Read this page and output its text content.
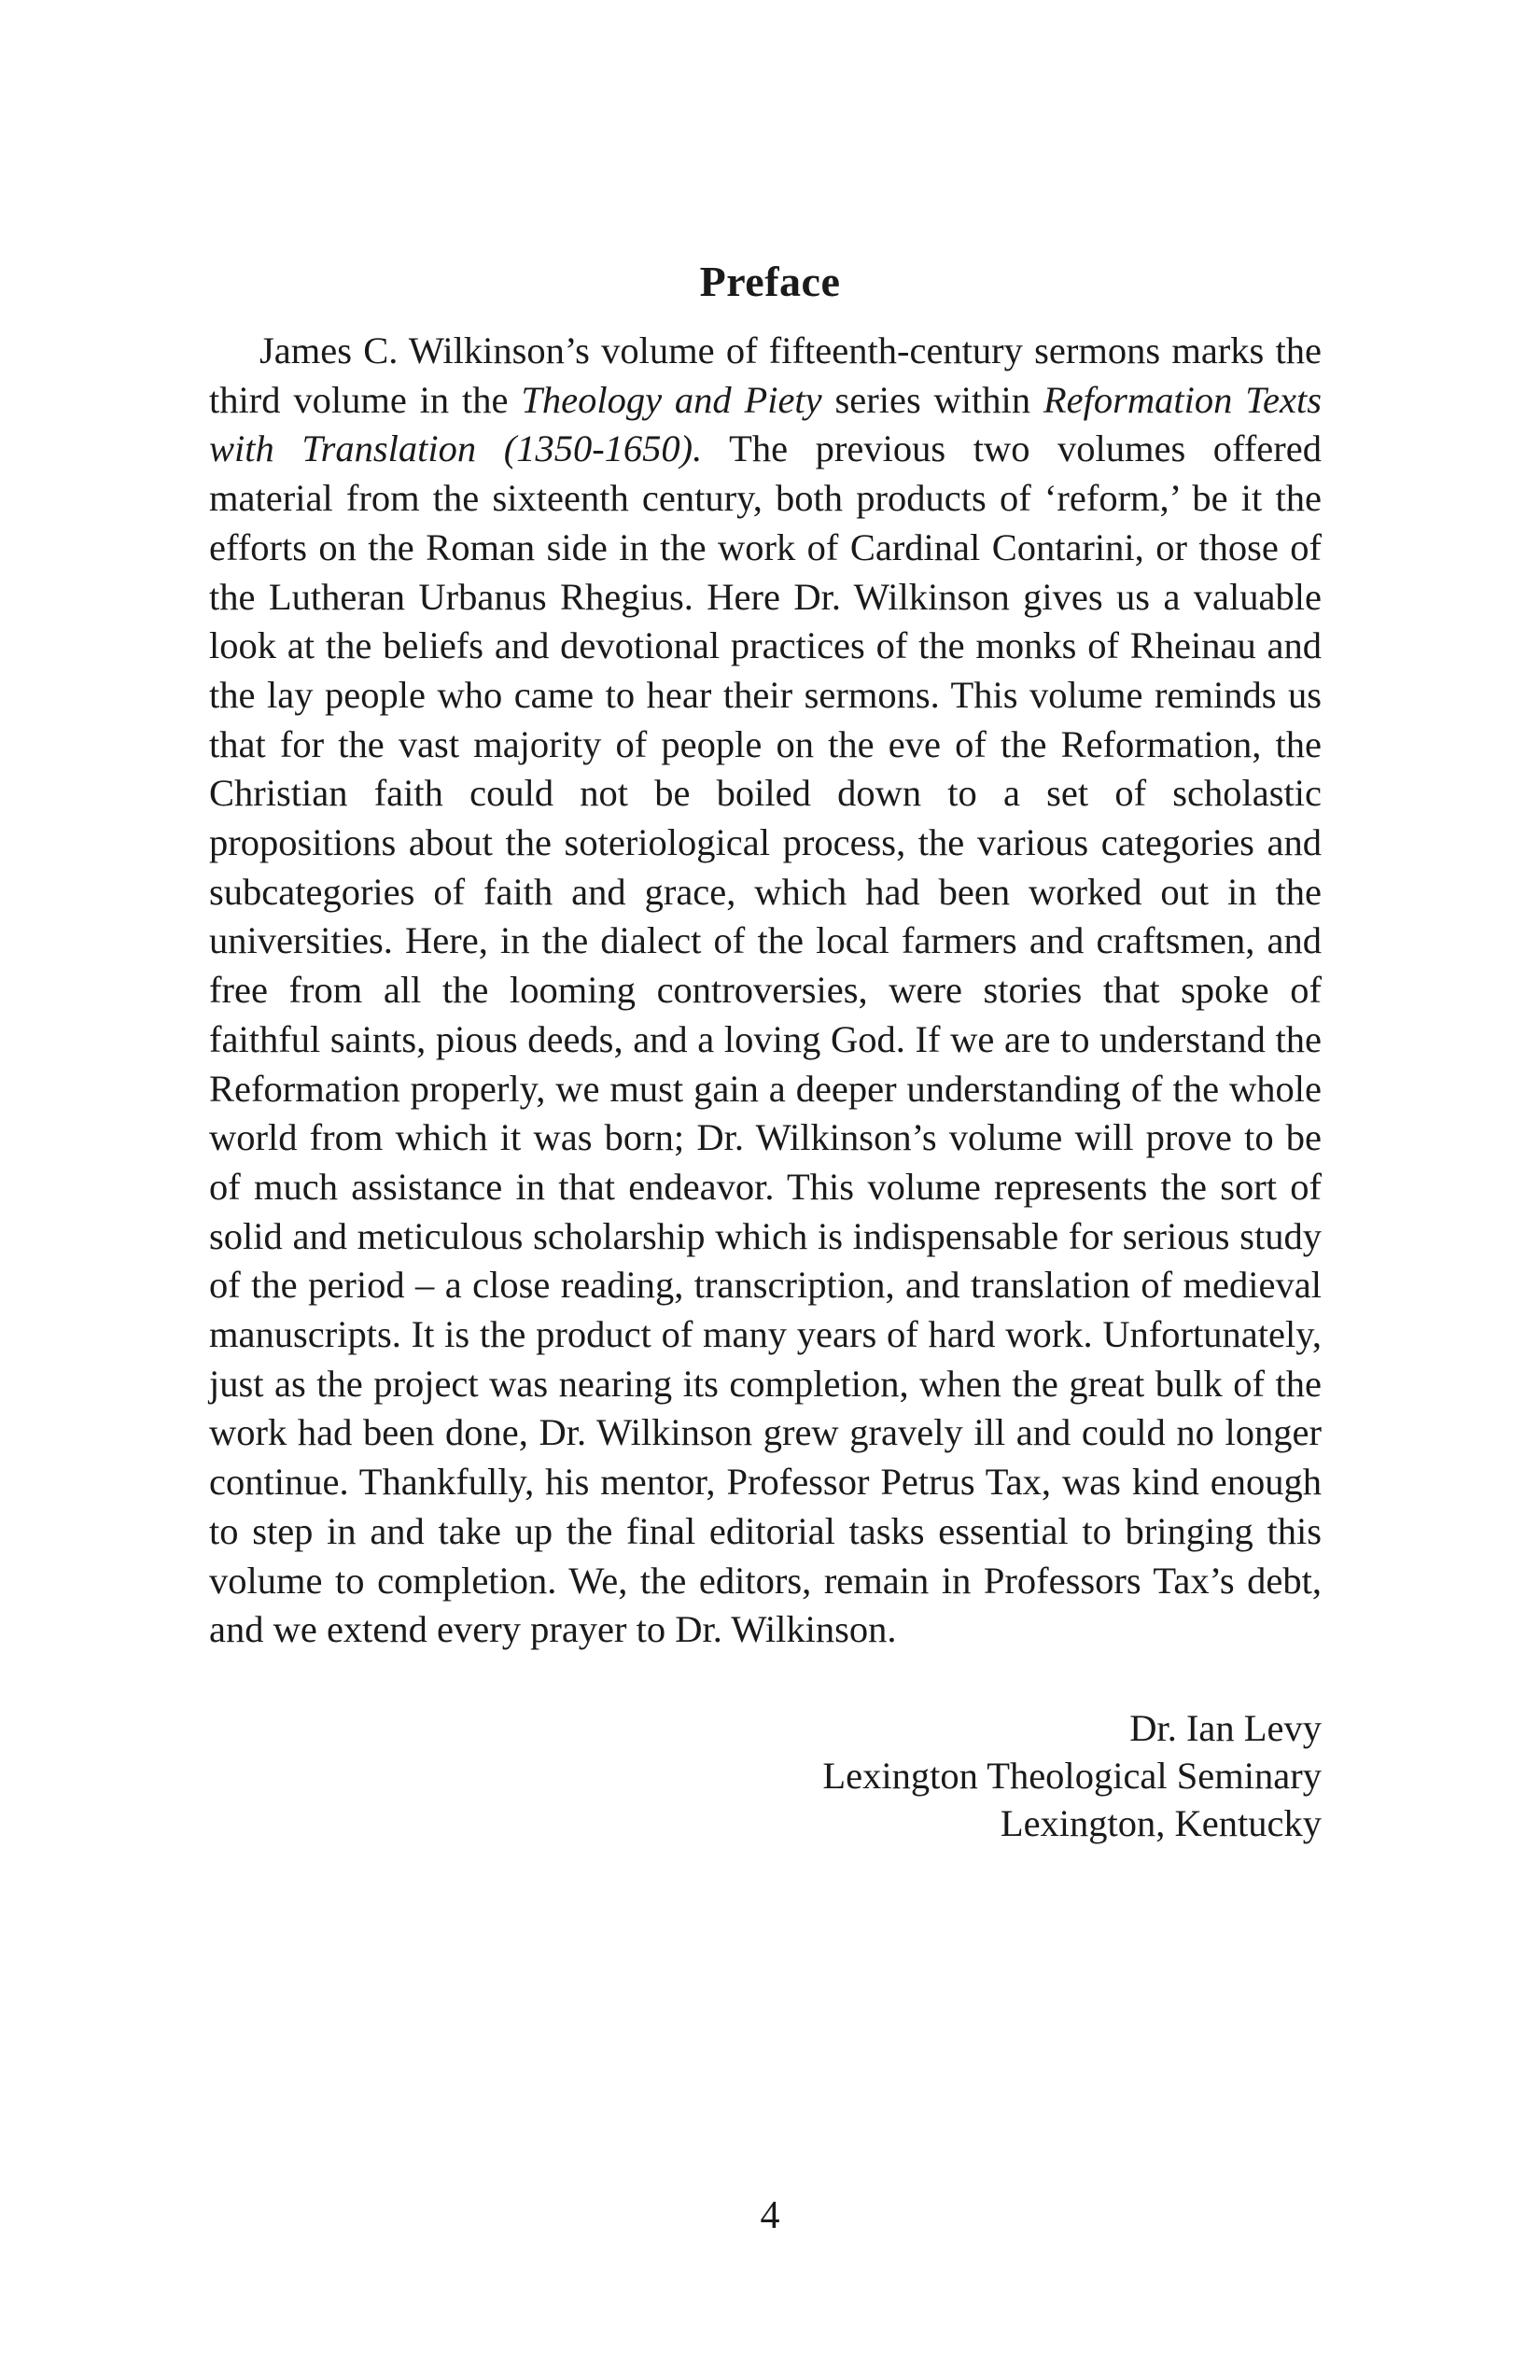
Preface

James C. Wilkinson’s volume of fifteenth-century sermons marks the third volume in the Theology and Piety series within Reformation Texts with Translation (1350-1650). The previous two volumes offered material from the sixteenth century, both products of ‘reform,’ be it the efforts on the Roman side in the work of Cardinal Contarini, or those of the Lutheran Urbanus Rhegius. Here Dr. Wilkinson gives us a valuable look at the beliefs and devotional practices of the monks of Rheinau and the lay people who came to hear their sermons. This volume reminds us that for the vast majority of people on the eve of the Reformation, the Christian faith could not be boiled down to a set of scholastic propositions about the soteriological process, the various categories and subcategories of faith and grace, which had been worked out in the universities. Here, in the dialect of the local farmers and craftsmen, and free from all the looming controversies, were stories that spoke of faithful saints, pious deeds, and a loving God. If we are to understand the Reformation properly, we must gain a deeper understanding of the whole world from which it was born; Dr. Wilkinson’s volume will prove to be of much assistance in that endeavor. This volume represents the sort of solid and meticulous scholarship which is indispensable for serious study of the period – a close reading, transcription, and translation of medieval manuscripts. It is the product of many years of hard work. Unfortunately, just as the project was nearing its completion, when the great bulk of the work had been done, Dr. Wilkinson grew gravely ill and could no longer continue. Thankfully, his mentor, Professor Petrus Tax, was kind enough to step in and take up the final editorial tasks essential to bringing this volume to completion. We, the editors, remain in Professors Tax’s debt, and we extend every prayer to Dr. Wilkinson.

Dr. Ian Levy
Lexington Theological Seminary
Lexington, Kentucky
4
